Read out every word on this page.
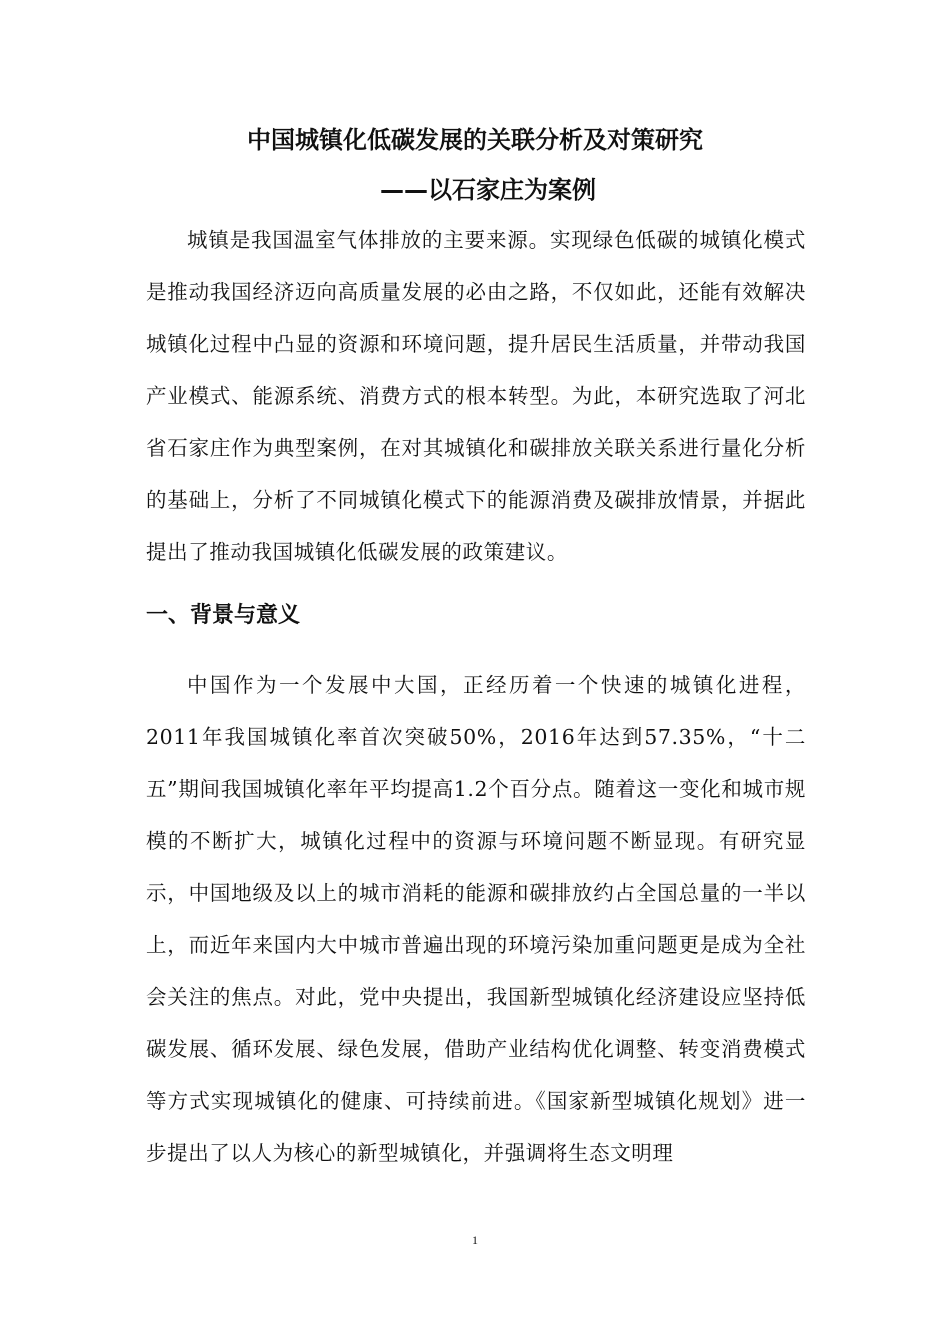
中国城镇化低碳发展的关联分析及对策研究
——以石家庄为案例

城镇是我国温室气体排放的主要来源。实现绿色低碳的城镇化模式是推动我国经济迈向高质量发展的必由之路，不仅如此，还能有效解决城镇化过程中凸显的资源和环境问题，提升居民生活质量，并带动我国产业模式、能源系统、消费方式的根本转型。为此，本研究选取了河北省石家庄作为典型案例，在对其城镇化和碳排放关联关系进行量化分析的基础上，分析了不同城镇化模式下的能源消费及碳排放情景，并据此提出了推动我国城镇化低碳发展的政策建议。

一、背景与意义

中国作为一个发展中大国，正经历着一个快速的城镇化进程，2011年我国城镇化率首次突破50%，2016年达到57.35%，“十二五”期间我国城镇化率年平均提高1.2个百分点。随着这一变化和城市规模的不断扩大，城镇化过程中的资源与环境问题不断显现。有研究显示，中国地级及以上的城市消耗的能源和碳排放约占全国总量的一半以上，而近年来国内大中城市普遍出现的环境污染加重问题更是成为全社会关注的焦点。对此，党中央提出，我国新型城镇化经济建设应坚持低碳发展、循环发展、绿色发展，借助产业结构优化调整、转变消费模式等方式实现城镇化的健康、可持续前进。《国家新型城镇化规划》进一步提出了以人为核心的新型城镇化，并强调将生态文明理

1
